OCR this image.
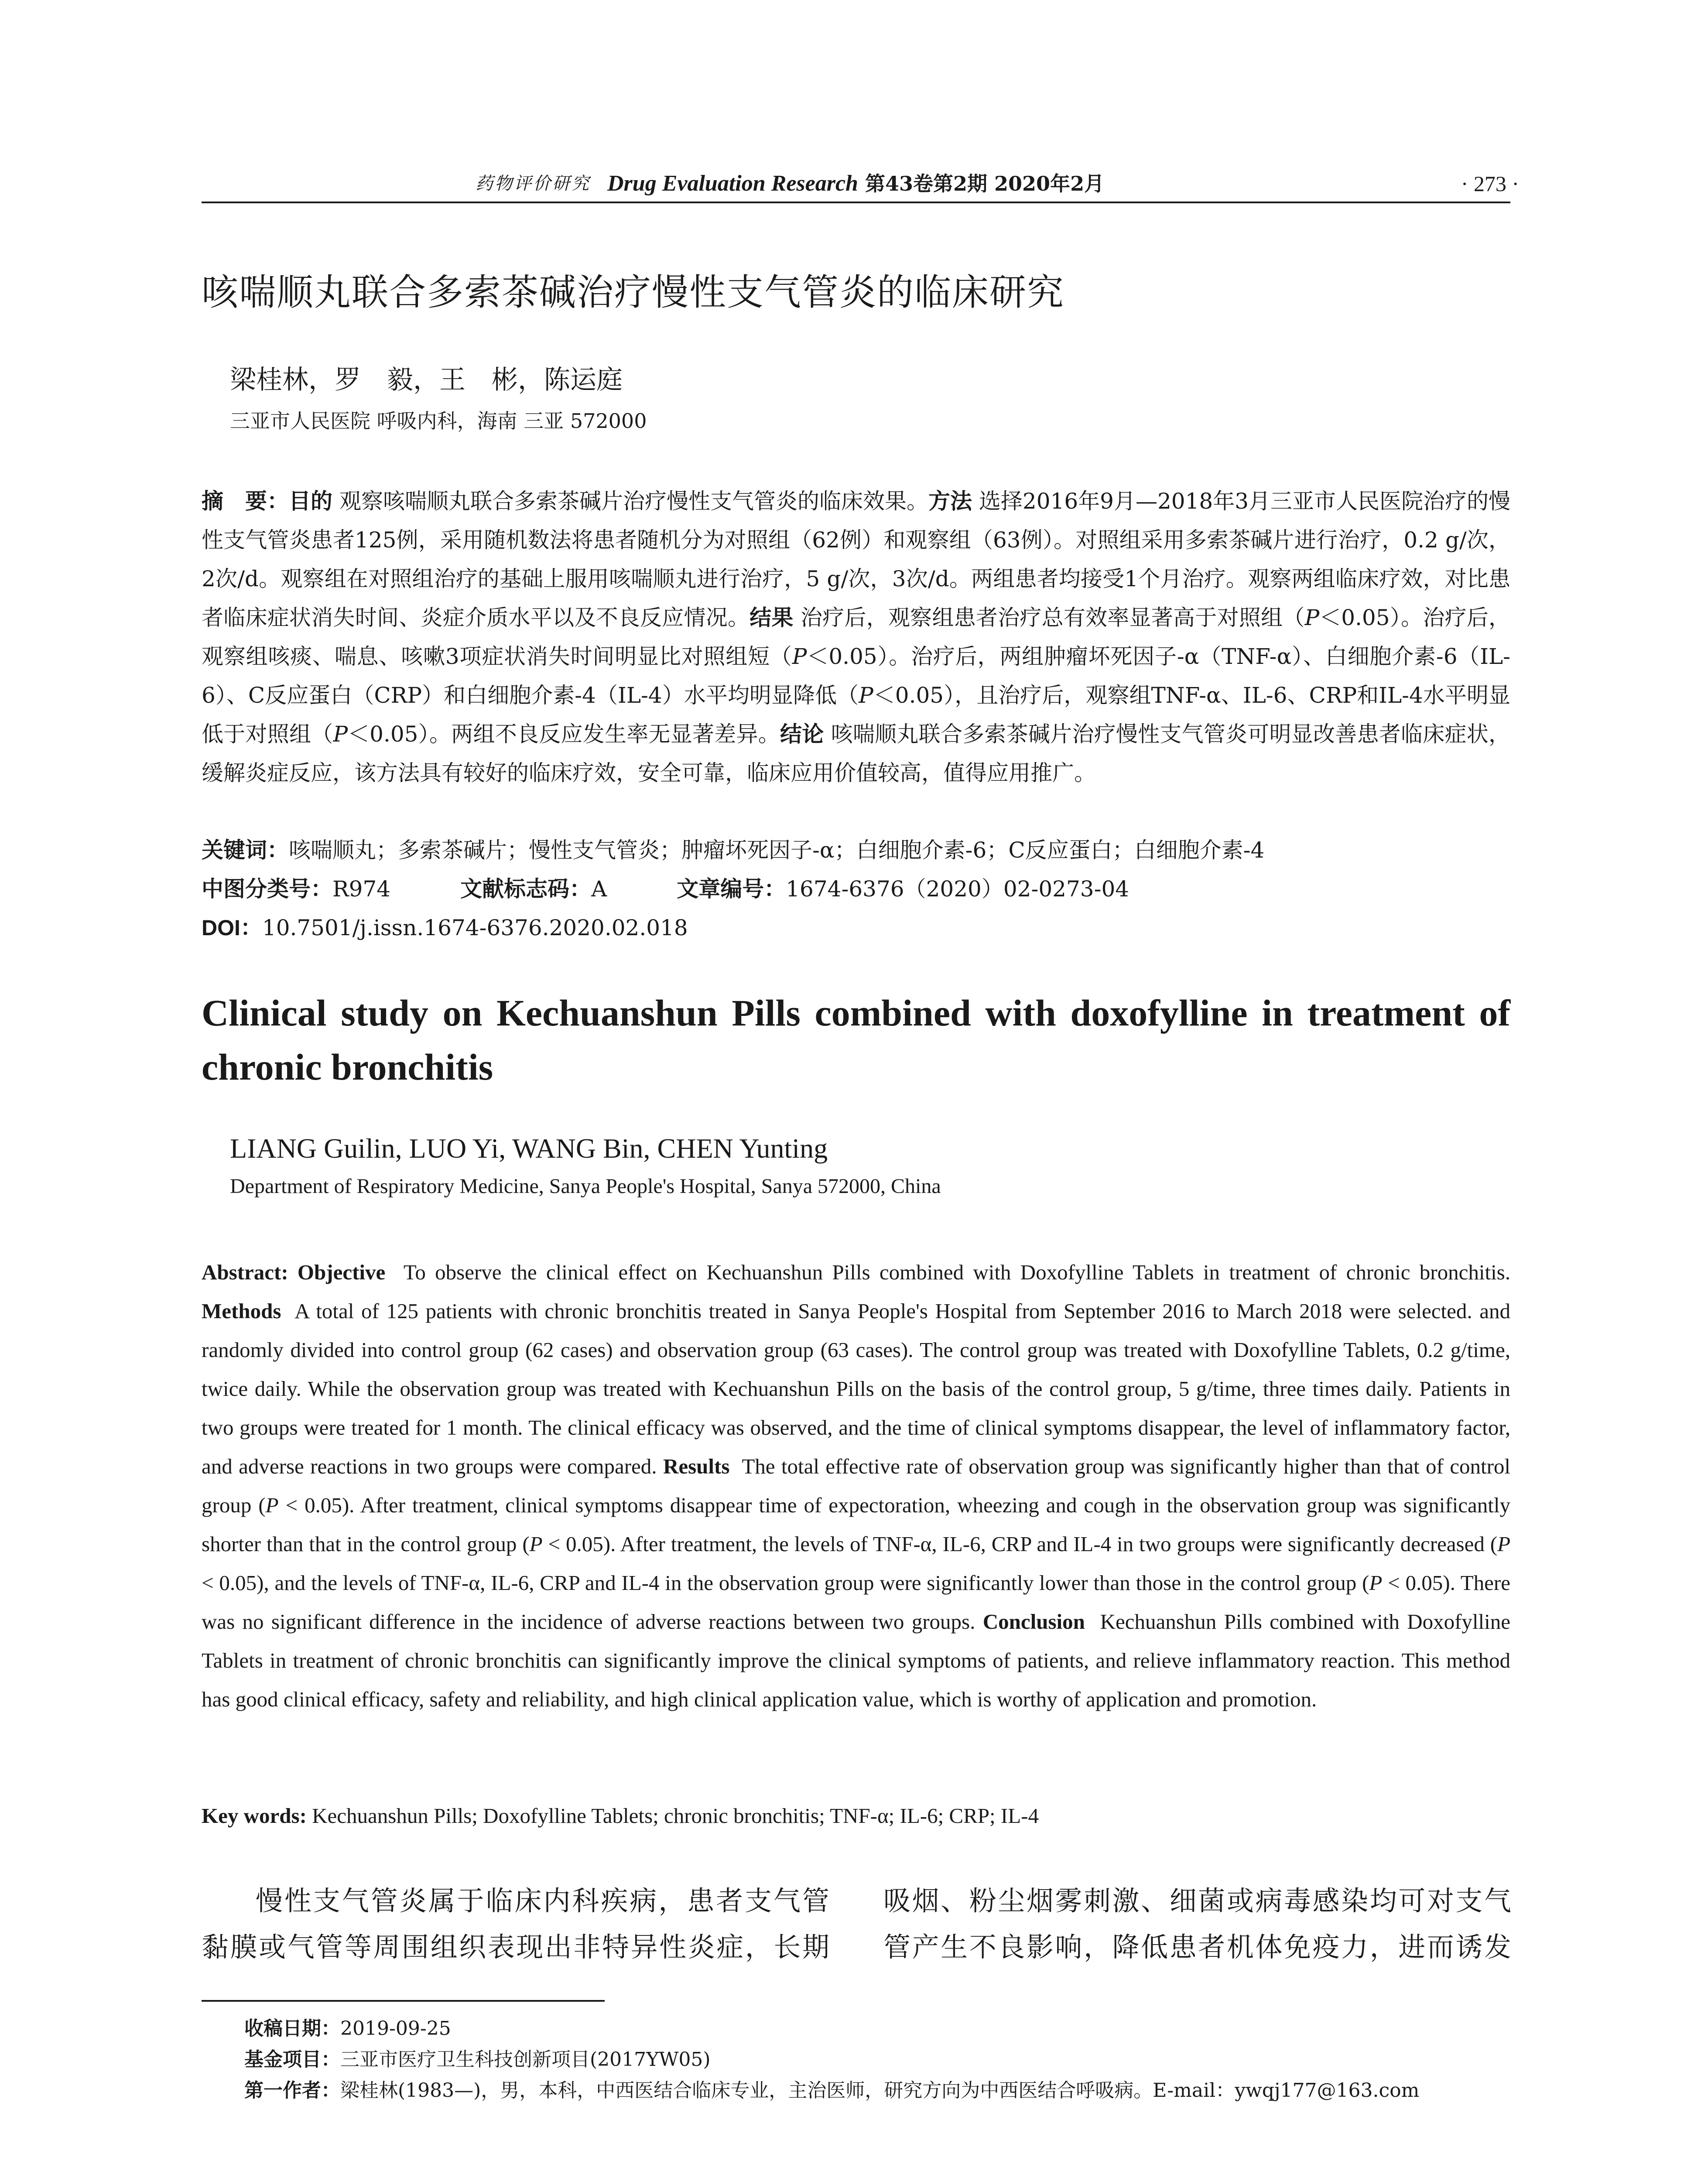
药物评价研究 Drug Evaluation Research 第43卷第2期 2020年2月	· 273 ·
咳喘顺丸联合多索茶碱治疗慢性支气管炎的临床研究
梁桂林，罗　毅，王　彬，陈运庭
三亚市人民医院 呼吸内科，海南 三亚 572000
摘　要：目的 观察咳喘顺丸联合多索茶碱片治疗慢性支气管炎的临床效果。方法 选择2016年9月—2018年3月三亚市人民医院治疗的慢性支气管炎患者125例，采用随机数法将患者随机分为对照组（62例）和观察组（63例）。对照组采用多索茶碱片进行治疗，0.2 g/次，2次/d。观察组在对照组治疗的基础上服用咳喘顺丸进行治疗，5 g/次，3次/d。两组患者均接受1个月治疗。观察两组临床疗效，对比患者临床症状消失时间、炎症介质水平以及不良反应情况。结果 治疗后，观察组患者治疗总有效率显著高于对照组（P＜0.05）。治疗后，观察组咳痰、喘息、咳嗽3项症状消失时间明显比对照组短（P＜0.05）。治疗后，两组肿瘤坏死因子-α（TNF-α）、白细胞介素-6（IL-6）、C反应蛋白（CRP）和白细胞介素-4（IL-4）水平均明显降低（P＜0.05），且治疗后，观察组TNF-α、IL-6、CRP和IL-4水平明显低于对照组（P＜0.05）。两组不良反应发生率无显著差异。结论 咳喘顺丸联合多索茶碱片治疗慢性支气管炎可明显改善患者临床症状，缓解炎症反应，该方法具有较好的临床疗效，安全可靠，临床应用价值较高，值得应用推广。
关键词：咳喘顺丸；多索茶碱片；慢性支气管炎；肿瘤坏死因子-α；白细胞介素-6；C反应蛋白；白细胞介素-4
中图分类号：R974	文献标志码：A	文章编号：1674-6376（2020）02-0273-04
DOI：10.7501/j.issn.1674-6376.2020.02.018
Clinical study on Kechuanshun Pills combined with doxofylline in treatment of chronic bronchitis
LIANG Guilin, LUO Yi, WANG Bin, CHEN Yunting
Department of Respiratory Medicine, Sanya People's Hospital, Sanya 572000, China
Abstract: Objective To observe the clinical effect on Kechuanshun Pills combined with Doxofylline Tablets in treatment of chronic bronchitis. Methods A total of 125 patients with chronic bronchitis treated in Sanya People's Hospital from September 2016 to March 2018 were selected. and randomly divided into control group (62 cases) and observation group (63 cases). The control group was treated with Doxofylline Tablets, 0.2 g/time, twice daily. While the observation group was treated with Kechuanshun Pills on the basis of the control group, 5 g/time, three times daily. Patients in two groups were treated for 1 month. The clinical efficacy was observed, and the time of clinical symptoms disappear, the level of inflammatory factor, and adverse reactions in two groups were compared. Results The total effective rate of observation group was significantly higher than that of control group (P < 0.05). After treatment, clinical symptoms disappear time of expectoration, wheezing and cough in the observation group was significantly shorter than that in the control group (P < 0.05). After treatment, the levels of TNF-α, IL-6, CRP and IL-4 in two groups were significantly decreased (P < 0.05), and the levels of TNF-α, IL-6, CRP and IL-4 in the observation group were significantly lower than those in the control group (P < 0.05). There was no significant difference in the incidence of adverse reactions between two groups. Conclusion Kechuanshun Pills combined with Doxofylline Tablets in treatment of chronic bronchitis can significantly improve the clinical symptoms of patients, and relieve inflammatory reaction. This method has good clinical efficacy, safety and reliability, and high clinical application value, which is worthy of application and promotion.
Key words: Kechuanshun Pills; Doxofylline Tablets; chronic bronchitis; TNF-α; IL-6; CRP; IL-4
慢性支气管炎属于临床内科疾病，患者支气管黏膜或气管等周围组织表现出非特异性炎症，长期
吸烟、粉尘烟雾刺激、细菌或病毒感染均可对支气
管产生不良影响，降低患者机体免疫力，进而诱发
收稿日期：2019-09-25
基金项目：三亚市医疗卫生科技创新项目(2017YW05)
第一作者：梁桂林(1983—)，男，本科，中西医结合临床专业，主治医师，研究方向为中西医结合呼吸病。E-mail：ywqj177@163.com
